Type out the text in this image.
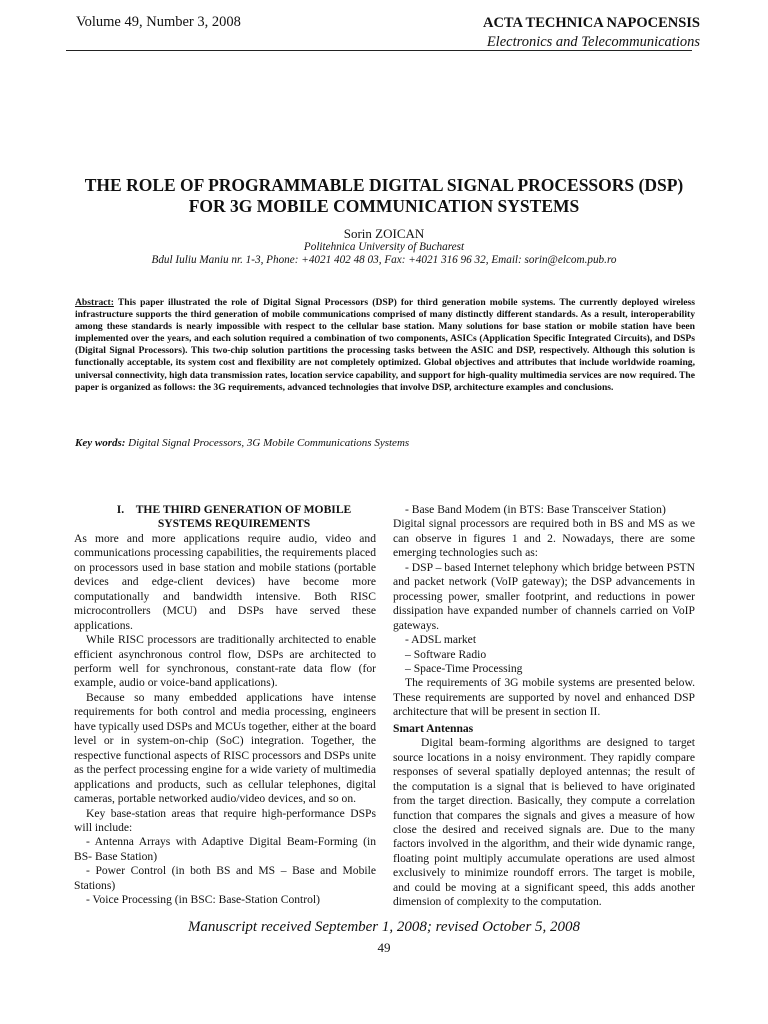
Volume 49, Number 3, 2008	ACTA TECHNICA NAPOCENSIS
Electronics and Telecommunications
THE ROLE OF PROGRAMMABLE DIGITAL SIGNAL PROCESSORS (DSP)
FOR 3G MOBILE COMMUNICATION SYSTEMS
Sorin ZOICAN
Politehnica University of Bucharest
Bdul Iuliu Maniu nr. 1-3, Phone: +4021 402 48 03, Fax: +4021 316 96 32, Email: sorin@elcom.pub.ro
Abstract: This paper illustrated the role of Digital Signal Processors (DSP) for third generation mobile systems. The currently deployed wireless infrastructure supports the third generation of mobile communications comprised of many distinctly different standards. As a result, interoperability among these standards is nearly impossible with respect to the cellular base station. Many solutions for base station or mobile station have been implemented over the years, and each solution required a combination of two components, ASICs (Application Specific Integrated Circuits), and DSPs (Digital Signal Processors). This two-chip solution partitions the processing tasks between the ASIC and DSP, respectively. Although this solution is functionally acceptable, its system cost and flexibility are not completely optimized. Global objectives and attributes that include worldwide roaming, universal connectivity, high data transmission rates, location service capability, and support for high-quality multimedia services are now required. The paper is organized as follows: the 3G requirements, advanced technologies that involve DSP, architecture examples and conclusions.
Key words: Digital Signal Processors, 3G Mobile Communications Systems

I.    THE THIRD GENERATION OF MOBILE

SYSTEMS REQUIREMENTS

As more and more applications require audio, video and communications processing capabilities, the requirements placed on processors used in base station and mobile stations (portable devices and edge-client devices) have become more computationally and bandwidth intensive. Both RISC microcontrollers (MCU) and DSPs have served these applications.

While RISC processors are traditionally architected to enable efficient asynchronous control flow, DSPs are architected to perform well for synchronous, constant-rate data flow (for example, audio or voice-band applications).

Because so many embedded applications have intense requirements for both control and media processing, engineers have typically used DSPs and MCUs together, either at the board level or in system-on-chip (SoC) integration. Together, the respective functional aspects of RISC processors and DSPs unite as the perfect processing engine for a wide variety of multimedia applications and products, such as cellular telephones, digital cameras, portable networked audio/video devices, and so on.

Key base-station areas that require high-performance DSPs will include:

- Antenna Arrays with Adaptive Digital Beam-Forming (in BS- Base Station)

- Power Control (in both BS and MS – Base and Mobile Stations)

- Voice Processing (in BSC: Base-Station Control)

- Base Band Modem (in BTS: Base Transceiver Station)

Digital signal processors are required both in BS and MS as we can observe in figures 1 and 2. Nowadays, there are some emerging technologies such as:

- DSP – based Internet telephony which bridge between PSTN and packet network (VoIP gateway); the DSP advancements in processing power, smaller footprint, and reductions in power dissipation have expanded number of channels carried on VoIP gateways.

- ADSL market

– Software Radio

– Space-Time Processing

The requirements of 3G mobile systems are presented below. These requirements are supported by novel and enhanced DSP architecture that will be present in section II.

Smart Antennas

Digital beam-forming algorithms are designed to target source locations in a noisy environment. They rapidly compare responses of several spatially deployed antennas; the result of the computation is a signal that is believed to have originated from the target direction. Basically, they compute a correlation function that compares the signals and gives a measure of how close the desired and received signals are. Due to the many factors involved in the algorithm, and their wide dynamic range, floating point multiply accumulate operations are used almost exclusively to minimize roundoff errors. The target is mobile, and could be moving at a significant speed, this adds another dimension of complexity to the computation.

Manuscript received September 1, 2008; revised October 5, 2008
49
